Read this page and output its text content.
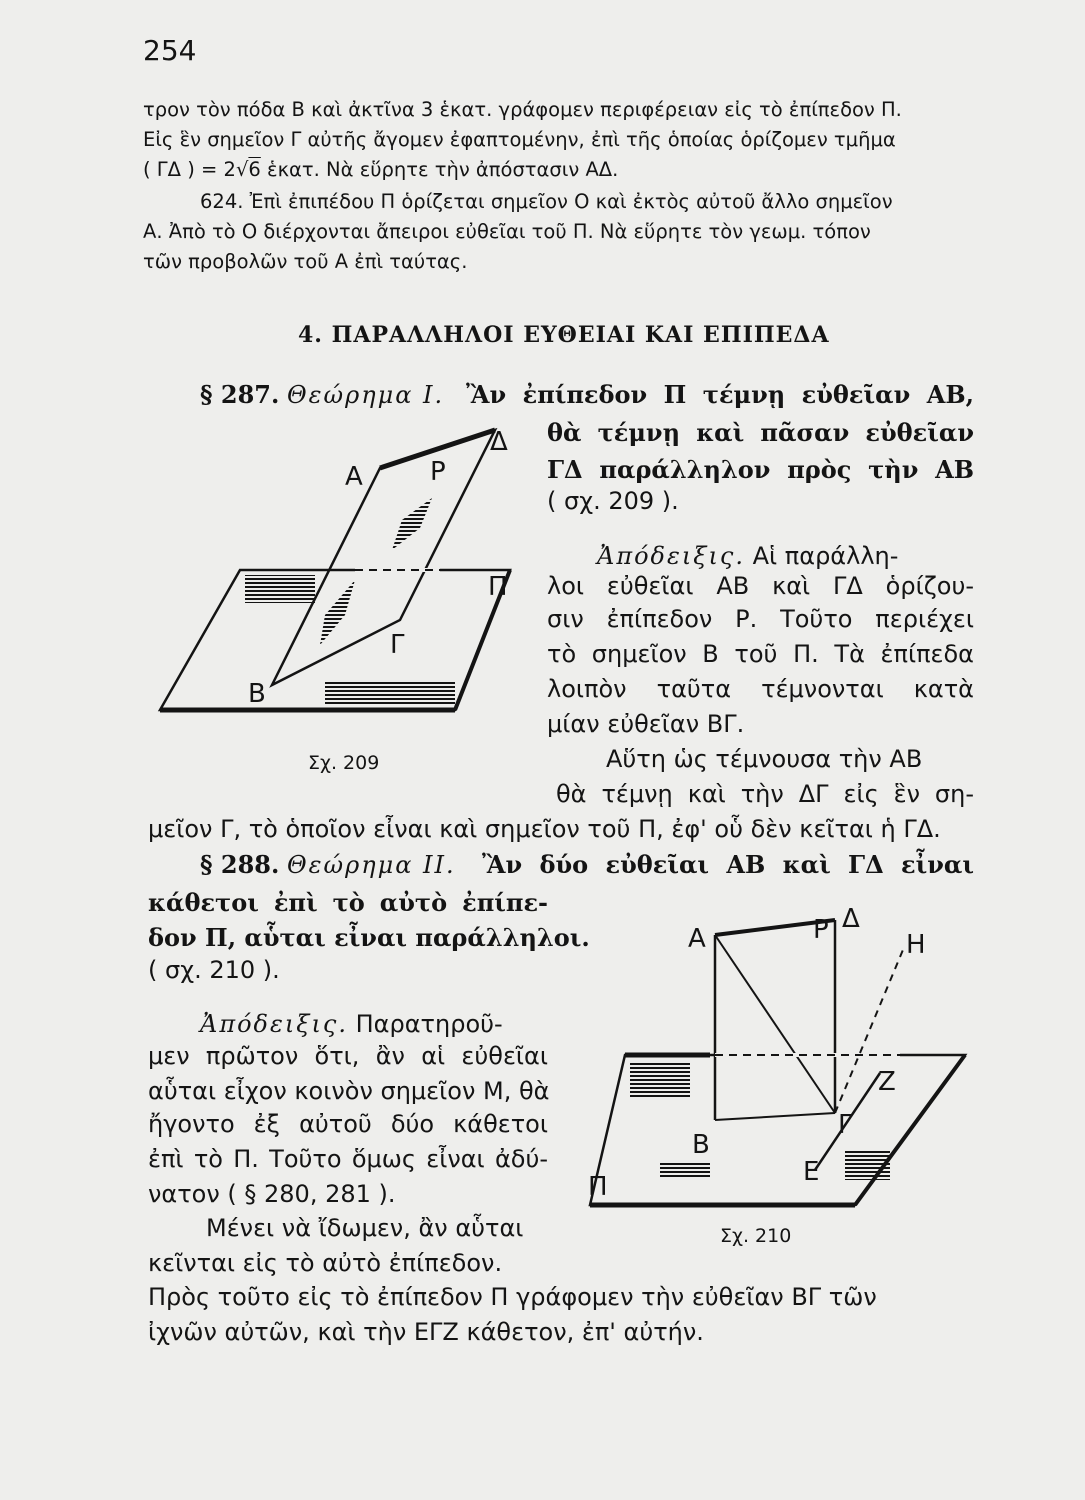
254
τρον τὸν πόδα Β καὶ ἀκτῖνα 3 ἑκατ. γράφομεν περιφέρειαν εἰς τὸ ἐπίπεδον Π.
Εἰς ἓν σημεῖον Γ αὐτῆς ἄγομεν ἐφαπτομένην, ἐπὶ τῆς ὁποίας ὁρίζομεν τμῆμα
( ΓΔ ) = 2√6 ἑκατ. Νὰ εὕρητε τὴν ἀπόστασιν ΑΔ.
624. Ἐπὶ ἐπιπέδου Π ὁρίζεται σημεῖον Ο καὶ ἐκτὸς αὐτοῦ ἄλλο σημεῖον
Α. Ἀπὸ τὸ Ο διέρχονται ἄπειροι εὐθεῖαι τοῦ Π. Νὰ εὕρητε τὸν γεωμ. τόπον
τῶν προβολῶν τοῦ Α ἐπὶ ταύτας.
4. ΠΑΡΑΛΛΗΛΟΙ ΕΥΘΕΙΑΙ ΚΑΙ ΕΠΙΠΕΔΑ
§ 287. Θεώρημα Ι. Ἂν ἐπίπεδον Π τέμνῃ εὐθεῖαν ΑΒ,
θὰ τέμνῃ καὶ πᾶσαν εὐθεῖαν
ΓΔ παράλληλον πρὸς τὴν ΑΒ
( σχ. 209 ).
Ἀπόδειξις. Αἱ παράλλη-
λοι εὐθεῖαι ΑΒ καὶ ΓΔ ὁρίζου-
σιν ἐπίπεδον Ρ. Τοῦτο περιέχει
τὸ σημεῖον Β τοῦ Π. Τὰ ἐπίπεδα
λοιπὸν ταῦτα τέμνονται κατὰ
μίαν εὐθεῖαν ΒΓ.
Αὕτη ὡς τέμνουσα τὴν ΑΒ
θὰ τέμνῃ καὶ τὴν ΔΓ εἰς ἓν ση-
μεῖον Γ, τὸ ὁποῖον εἶναι καὶ σημεῖον τοῦ Π, ἐφ' οὗ δὲν κεῖται ἡ ΓΔ.
Α	Ρ
Δ
Π
Γ
Β
Σχ. 209
§ 288. Θεώρημα ΙΙ. Ἂν δύο εὐθεῖαι ΑΒ καὶ ΓΔ εἶναι
κάθετοι ἐπὶ τὸ αὐτὸ ἐπίπε-
δον Π, αὗται εἶναι παράλληλοι.
( σχ. 210 ).
Ἀπόδειξις. Παρατηροῦ-
μεν πρῶτον ὅτι, ἂν αἱ εὐθεῖαι
αὗται εἶχον κοινὸν σημεῖον Μ, θὰ
ἤγοντο ἐξ αὐτοῦ δύο κάθετοι
ἐπὶ τὸ Π. Τοῦτο ὅμως εἶναι ἀδύ-
νατον ( § 280, 281 ).
Μένει νὰ ἴδωμεν, ἂν αὗται
κεῖνται εἰς τὸ αὐτὸ ἐπίπεδον.
Πρὸς τοῦτο εἰς τὸ ἐπίπεδον Π γράφομεν τὴν εὐθεῖαν ΒΓ τῶν
ἰχνῶν αὐτῶν, καὶ τὴν ΕΓΖ κάθετον, ἐπ' αὐτήν.
Α	Ρ Δ
Η
Ζ
Γ
Β
Ε
Π
Σχ. 210
